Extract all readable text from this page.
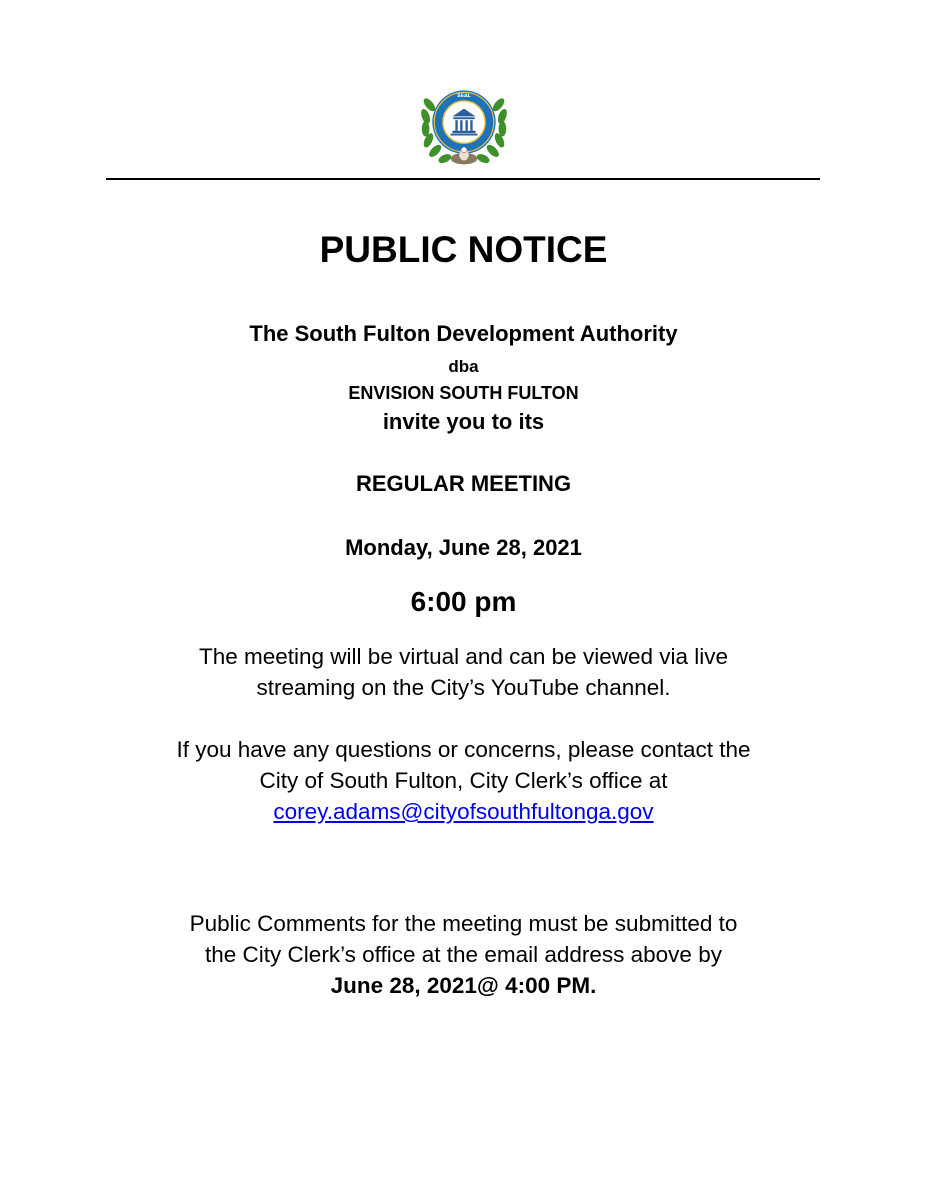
SEAL
PUBLIC NOTICE
The South Fulton Development Authority
dba
ENVISION SOUTH FULTON
invite you to its
REGULAR MEETING
Monday, June 28, 2021
6:00 pm
The meeting will be virtual and can be viewed via live
streaming on the City’s YouTube channel.
If you have any questions or concerns, please contact the
City of South Fulton, City Clerk’s office at
corey.adams@cityofsouthfultonga.gov
Public Comments for the meeting must be submitted to
the City Clerk’s office at the email address above by
June 28, 2021@ 4:00 PM.
